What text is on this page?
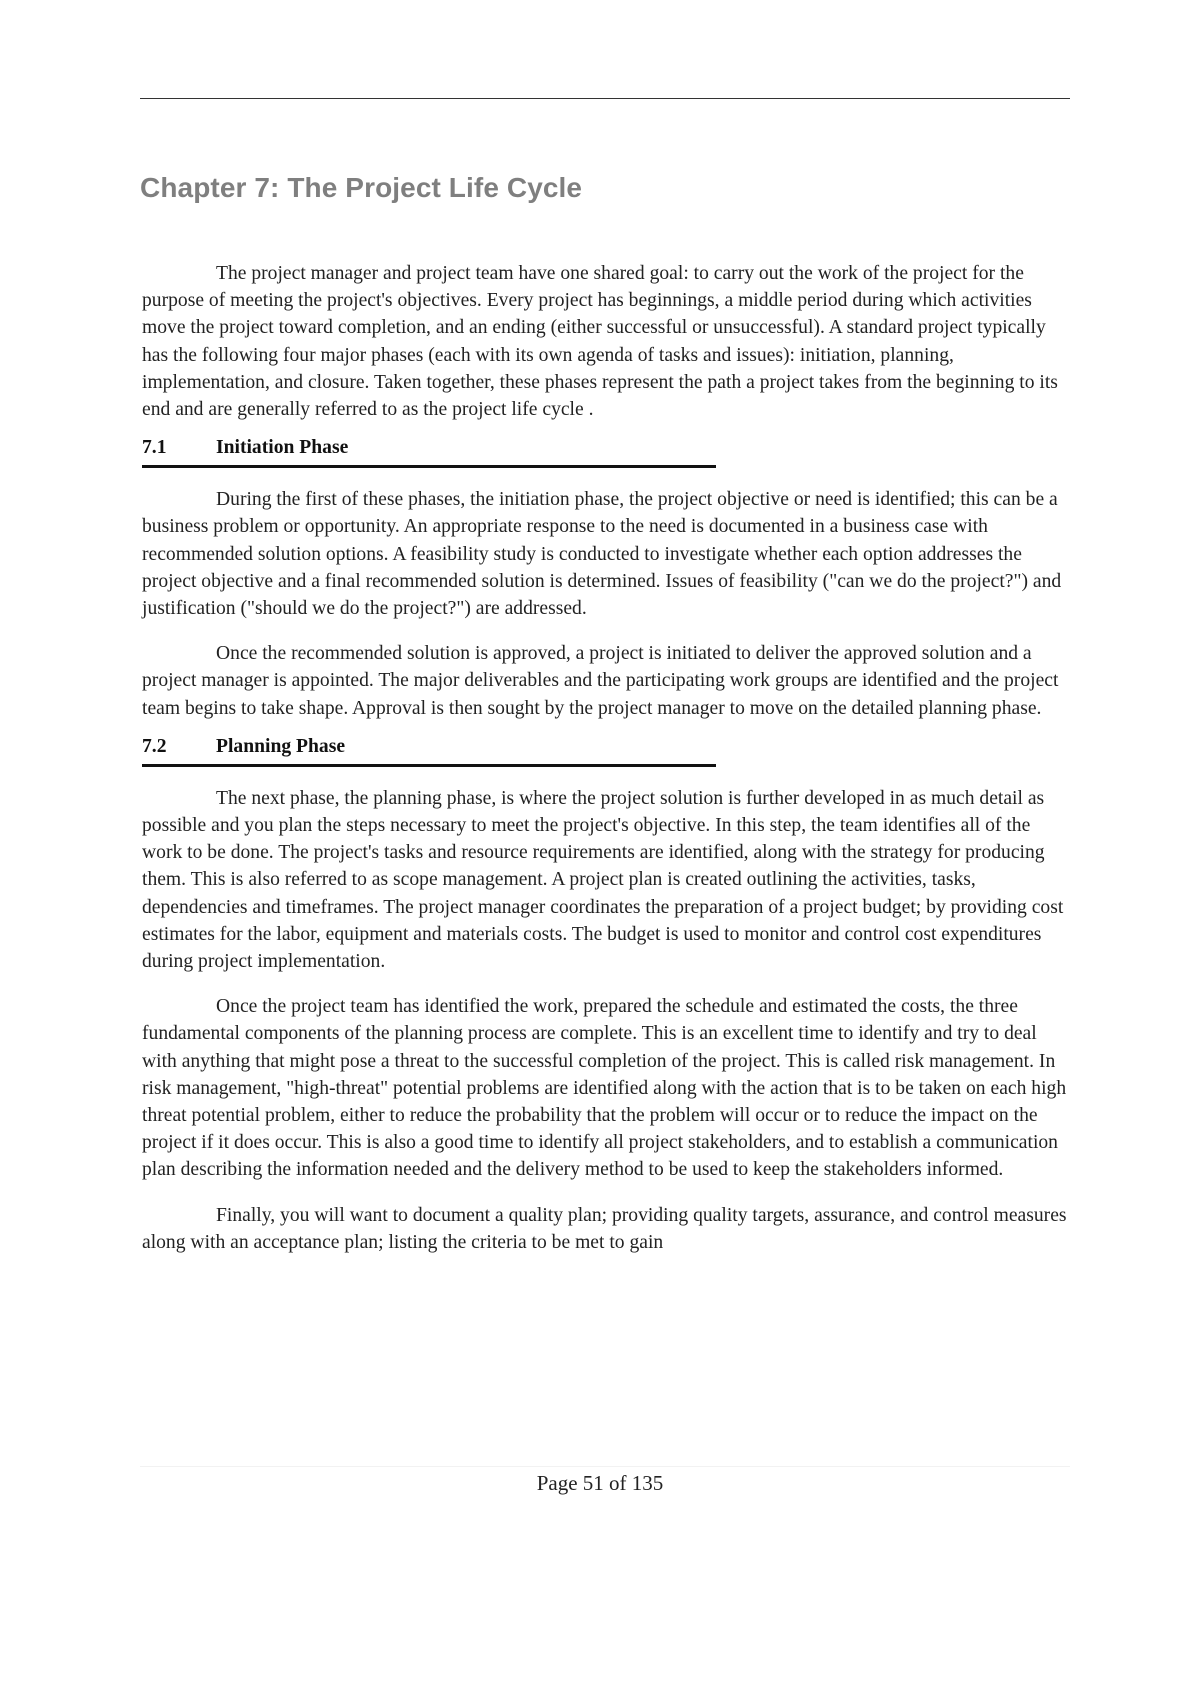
Chapter 7: The Project Life Cycle

The project manager and project team have one shared goal: to carry out the work of the project for the purpose of meeting the project's objectives. Every project has beginnings, a middle period during which activities move the project toward completion, and an ending (either successful or unsuccessful). A standard project typically has the following four major phases (each with its own agenda of tasks and issues): initiation, planning, implementation, and closure. Taken together, these phases represent the path a project takes from the beginning to its end and are generally referred to as the project life cycle .

7.1	Initiation Phase

During the first of these phases, the initiation phase, the project objective or need is identified; this can be a business problem or opportunity. An appropriate response to the need is documented in a business case with recommended solution options. A feasibility study is conducted to investigate whether each option addresses the project objective and a final recommended solution is determined. Issues of feasibility ("can we do the project?") and justification ("should we do the project?") are addressed.

Once the recommended solution is approved, a project is initiated to deliver the approved solution and a project manager is appointed. The major deliverables and the participating work groups are identified and the project team begins to take shape. Approval is then sought by the project manager to move on the detailed planning phase.

7.2	Planning Phase

The next phase, the planning phase, is where the project solution is further developed in as much detail as possible and you plan the steps necessary to meet the project's objective. In this step, the team identifies all of the work to be done. The project's tasks and resource requirements are identified, along with the strategy for producing them. This is also referred to as scope management. A project plan is created outlining the activities, tasks, dependencies and timeframes. The project manager coordinates the preparation of a project budget; by providing cost estimates for the labor, equipment and materials costs. The budget is used to monitor and control cost expenditures during project implementation.

Once the project team has identified the work, prepared the schedule and estimated the costs, the three fundamental components of the planning process are complete. This is an excellent time to identify and try to deal with anything that might pose a threat to the successful completion of the project. This is called risk management. In risk management, "high-threat" potential problems are identified along with the action that is to be taken on each high threat potential problem, either to reduce the probability that the problem will occur or to reduce the impact on the project if it does occur. This is also a good time to identify all project stakeholders, and to establish a communication plan describing the information needed and the delivery method to be used to keep the stakeholders informed.

Finally, you will want to document a quality plan; providing quality targets, assurance, and control measures along with an acceptance plan; listing the criteria to be met to gain

Page 51 of 135
